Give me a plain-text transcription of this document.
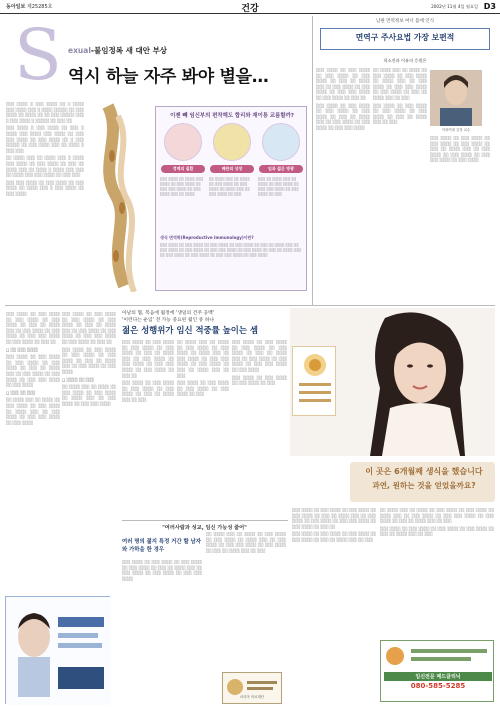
동아일보 제25285호	건강	2002년 11월 4일 월요일 D3
S exual-불임정복 새 대안 부상
역시 하늘 자주 봐야 별을…

░░░ ░░░░ ░ ░░░ ░░░░ ░░ ░ ░░░░ ░░░ ░░░░ ░░░ ░ ░░░░ ░░░░░ ░░ ░░░ ░░░░ ░░ ░░░░ ░░ ░░ ░░░ ░░░░░ ░░░ ░ ░░░ ░░░░ ░ ░░░░░ ░░ ░░░ ░░

░░░ ░░░░ ░ ░░░ ░░░░ ░░ ░░░ ░ ░░░░ ░░░ ░░░░ ░░░ ░░░░ ░░ ░░░ ░░░ ░░░░ ░░ ░░░ ░░░░ ░░ ░ ░░░ ░░░░░ ░░ ░░░ ░░░░ ░░░ ░░ ░░░░ ░ ░░░ ░░░

░░ ░░░░ ░░░ ░░ ░░░░ ░░░ ░ ░░░░ ░░░ ░░░░ ░░ ░░░ ░░░░ ░░ ░░░ ░░ ░░░░ ░░░ ░░ ░░░░ ░ ░░░░ ░░░ ░░░ ░░ ░░░░ ░░░ ░░░ ░░░░ ░░ ░░░ ░░░

░░░ ░░░ ░░░░ ░░ ░░░ ░░░░ ░░ ░░░ ░░░░ ░░ ░░░░ ░░░ ░ ░░░ ░░░░ ░░ ░░░ ░░░░

이젠 빼 임신부의 편착해도 합리와 재이통 교름할까?
정액의 질환	배란의 상장	임과 젊은 방광
░░░ ░░░░ ░░ ░░░░ ░░░ ░░░░ ░░ ░░░ ░░░░ ░░ ░░░ ░░░ ░░░░ ░░ ░░░ ░░░░ ░░░ ░░ ░░░░
░░ ░░░░ ░░░ ░░ ░░░░ ░░ ░░░ ░░░░ ░░ ░░░ ░░░░ ░░ ░░░░ ░░░ ░░ ░░░ ░░░░ ░░ ░░░
░░░ ░░ ░░░░ ░░░ ░░ ░░░░ ░░ ░░░ ░░░░ ░░ ░░░ ░░░ ░░░░ ░░ ░░░ ░░░░ ░░ ░░░
생식 면역학(Reproductive Immunology)이란?
░░░ ░░░░ ░░ ░░░ ░░░░ ░░ ░░░ ░░░░ ░░ ░░░ ░░░░ ░░ ░░░ ░░ ░░░░ ░░░ ░░ ░░░ ░░░░ ░░ ░░░ ░░░░ ░░ ░░░ ░░░ ░░░░ ░░ ░░░ ░░░░ ░░ ░░░ ░░ ░░░░ ░░░ ░░ ░░░ ░░░░ ░░ ░░░ ░░░░ ░░ ░░░ ░░░ ░░░░ ░░ ░░░ ░░░░
남편 면역정보 여너 몸에 인식
면역구 주사요법 가장 보편적
희소진과 이유의 응원은

░░░ ░░░░ ░░ ░░░ ░░░░ ░░ ░░░ ░░░░ ░░ ░░░ ░░░░ ░░ ░░░ ░░ ░░░░ ░░░ ░░ ░░░ ░░░░ ░░ ░░░ ░░░░ ░░ ░░░ ░░░ ░░░░ ░░ ░░░ ░░░░ ░░ ░░░ ░░

░░░ ░░░░ ░░ ░░░ ░░░░ ░░ ░░░ ░░░░ ░░ ░░░ ░░░░ ░░ ░░░ ░░ ░░░░ ░░░ ░░ ░░░ ░░░░ ░░ ░░░ ░░░░ ░░ ░░░ ░░░ ░░░░

░░ ░░░░ ░░░ ░░ ░░░░ ░░ ░░░ ░░░░ ░░ ░░░ ░░░░ ░░ ░░░░ ░░░ ░░ ░░░ ░░░░ ░░ ░░░ ░░░ ░░░░ ░░ ░░░ ░░░░ ░░ ░░░ ░░ ░░░░ ░░░ ░░ ░░░

░░░ ░░░░ ░░ ░░░ ░░░░ ░░ ░░░ ░░░░ ░░ ░░░ ░░░░ ░░ ░░░ ░░ ░░░░ ░░░ ░░ ░░░

이화여대 김정 교수

░░░ ░░░░ ░░ ░░░ ░░░░ ░░ ░░░ ░░░░ ░░ ░░░ ░░░░ ░░ ░░░ ░░ ░░░░ ░░░ ░░ ░░░ ░░░░ ░░ ░░░ ░░░░ ░░ ░░░ ░░░ ░░░░ ░░ ░░░ ░░░░

░░░ ░░░░ ░░ ░░░ ░░░░ ░░ ░░░ ░░░░ ░░ ░░░ ░░░░ ░░ ░░░ ░░ ░░░░ ░░░ ░░ ░░░ ░░░░ ░░ ░░░ ░░░░ ░░ ░░░ ░░░ ░░░░ ░░ ░░░ ░░░░ ░░ ░░░ ░░

□ ░░ ░░░ ░░░░

░░░ ░░░░ ░░ ░░░ ░░░░ ░░ ░░░ ░░░░ ░░ ░░░ ░░░░ ░░ ░░░ ░░ ░░░░ ░░░ ░░ ░░░ ░░░░ ░░ ░░░ ░░░░ ░░ ░░░ ░░░ ░░░░ ░░ ░░░ ░░░░

□ ░░░ ░░ ░░░

░░ ░░░░ ░░░ ░░ ░░░░ ░░ ░░░ ░░░░ ░░ ░░░ ░░░░ ░░ ░░░░ ░░░ ░░ ░░░ ░░░░ ░░ ░░░ ░░░ ░░░░ ░░ ░░░ ░░░░

░░░ ░░░░ ░░ ░░░ ░░░░ ░░ ░░░ ░░░░ ░░ ░░░ ░░░░ ░░ ░░░ ░░ ░░░░ ░░░ ░░ ░░░ ░░░░ ░░ ░░░ ░░░░ ░░ ░░░ ░░░ ░░░░ ░░ ░░░ ░░░░ ░░ ░░░ ░░

░░░ ░░░░ ░░ ░░░ ░░░░ ░░ ░░░ ░░░░ ░░ ░░░ ░░░░ ░░ ░░░ ░░ ░░░░ ░░░ ░░ ░░░ ░░░░ ░░ ░░░ ░░░░

□ ░░░░ ░░ ░░░

░░ ░░░░ ░░░ ░░ ░░░░ ░░ ░░░ ░░░░ ░░ ░░░ ░░░░ ░░ ░░░░ ░░░ ░░ ░░░ ░░░░ ░░ ░░░ ░░░ ░░░░

아날의 협, 복음에 월정에 '생일의 건주 공백'
'이런다는 운임' 전 가능 중요된 월인 중 하나
젊은 성행위가 임신 적중률 높이는 셈

░░░ ░░░░ ░░ ░░░ ░░░░ ░░ ░░░ ░░░░ ░░ ░░░ ░░░░ ░░ ░░░ ░░ ░░░░ ░░░ ░░ ░░░ ░░░░ ░░ ░░░ ░░░░ ░░ ░░░ ░░░ ░░░░ ░░ ░░░ ░░░░ ░░ ░░░ ░░

░░░ ░░░░ ░░ ░░░ ░░░░ ░░ ░░░ ░░░░ ░░ ░░░ ░░░░ ░░ ░░░ ░░ ░░░░ ░░░ ░░ ░░░

░░ ░░░░ ░░░ ░░ ░░░░ ░░ ░░░ ░░░░ ░░ ░░░ ░░░░ ░░ ░░░░ ░░░ ░░ ░░░ ░░░░ ░░ ░░░ ░░░ ░░░░ ░░ ░░░ ░░░░ ░░ ░░░ ░░ ░░░░ ░░░ ░░ ░░░

░░░ ░░░░ ░░ ░░░ ░░░░ ░░ ░░░ ░░░░ ░░ ░░░ ░░░░ ░░ ░░░

░░░ ░░░░ ░░ ░░░ ░░░░ ░░ ░░░ ░░░░ ░░ ░░░ ░░░░ ░░ ░░░ ░░ ░░░░ ░░░ ░░ ░░░ ░░░░ ░░ ░░░ ░░░░ ░░ ░░░ ░░░ ░░░░ ░░ ░░░ ░░░░

░░░ ░░░░ ░░ ░░░ ░░░░ ░░ ░░░ ░░░░ ░░ ░░░

이 곳은 6개월째 생식을 했습니다
과연, 원하는 것을 얻었을까요?

░░░ ░░░░ ░░ ░░░ ░░░░ ░░ ░░░ ░░░░ ░░ ░░░ ░░░░ ░░ ░░░ ░░ ░░░░ ░░░ ░░ ░░░ ░░░░ ░░ ░░░ ░░░░ ░░ ░░░ ░░░ ░░░░ ░░ ░░░ ░░░░ ░░ ░░░ ░░

░░░ ░░░░ ░░ ░░░ ░░░░ ░░ ░░░ ░░░░ ░░ ░░░ ░░░░ ░░ ░░░ ░░ ░░░░ ░░░ ░░ ░░░

░░ ░░░░ ░░░ ░░ ░░░░ ░░ ░░░ ░░░░ ░░ ░░░ ░░░░ ░░ ░░░░ ░░░ ░░ ░░░ ░░░░ ░░ ░░░ ░░░ ░░░░ ░░ ░░░ ░░░░ ░░ ░░░ ░░ ░░░░ ░░░ ░░ ░░░

░░░ ░░░░ ░░ ░░░ ░░░░ ░░ ░░░ ░░░░ ░░ ░░░ ░░░░ ░░ ░░░ ░░ ░░░░ ░░░ ░░ ░░░

"여러사람과 성교, 임신 가능성 줄어"
여러 명의 젊지 특정 거간 할 남자와 가하을 한 경우

░░░ ░░░░ ░░ ░░░ ░░░░ ░░ ░░░ ░░░░ ░░ ░░░ ░░░░ ░░ ░░░ ░░ ░░░░ ░░░ ░░ ░░░ ░░░░ ░░ ░░░ ░░░░ ░░ ░░░ ░░░ ░░░░

░░ ░░░░ ░░░ ░░ ░░░░ ░░ ░░░ ░░░░ ░░ ░░░ ░░░░ ░░ ░░░░ ░░░ ░░ ░░░ ░░░░ ░░ ░░░ ░░░ ░░░░ ░░ ░░░ ░░░░ ░░ ░░░ ░░ ░░░░ ░░░ ░░ ░░░

마리아 의료재단
임신전문 메드클리닉
080-585-5285
